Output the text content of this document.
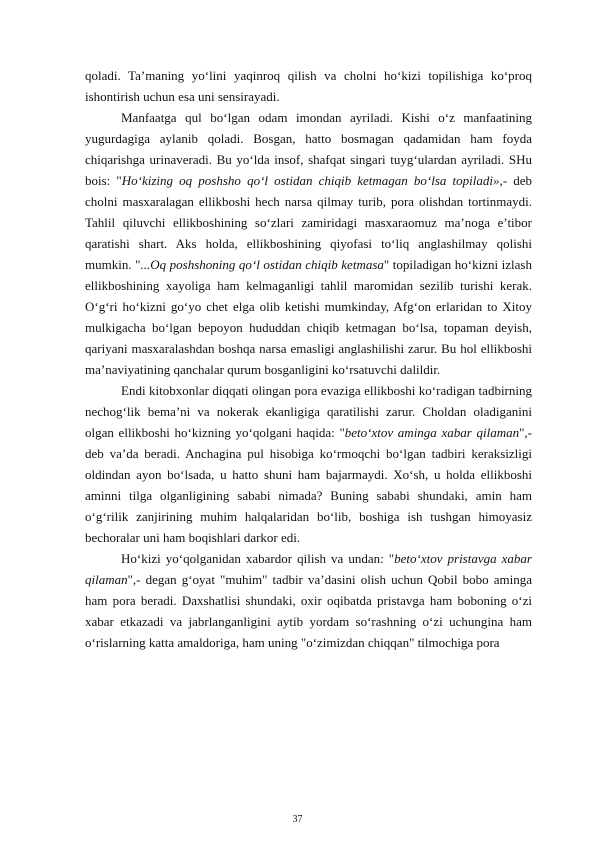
qoladi. Ta’maning yo‘lini yaqinroq qilish va cholni ho‘kizi topilishiga ko‘proq ishontirish uchun esa uni sensirayadi.

Manfaatga qul bo‘lgan odam imondan ayriladi. Kishi o‘z manfaatining yugurdagiga aylanib qoladi. Bosgan, hatto bosmagan qadamidan ham foyda chiqarishga urinaveradi. Bu yo‘lda insof, shafqat singari tuyg‘ulardan ayriladi. SHu bois: "Ho‘kizing oq poshsho qo‘l ostidan chiqib ketmagan bo‘lsa topiladi»,- deb cholni masxaralagan ellikboshi hech narsa qilmay turib, pora olishdan tortinmaydi. Tahlil qiluvchi ellikboshining so‘zlari zamiridagi masxaraomuz ma’noga e’tibor qaratishi shart. Aks holda, ellikboshining qiyofasi to‘liq anglashilmay qolishi mumkin. "...Oq poshshoning qo‘l ostidan chiqib ketmasa" topiladigan ho‘kizni izlash ellikboshining xayoliga ham kelmaganligi tahlil maromidan sezilib turishi kerak. O‘g‘ri ho‘kizni go‘yo chet elga olib ketishi mumkinday, Afg‘on erlaridan to Xitoy mulkigacha bo‘lgan bepoyon hududdan chiqib ketmagan bo‘lsa, topaman deyish, qariyani masxaralashdan boshqa narsa emasligi anglashilishi zarur. Bu hol ellikboshi ma’naviyatining qanchalar qurum bosganligini ko‘rsatuvchi dalildir.

Endi kitobxonlar diqqati olingan pora evaziga ellikboshi ko‘radigan tadbirning nechog‘lik bema’ni va nokerak ekanligiga qaratilishi zarur. Choldan oladiganini olgan ellikboshi ho‘kizning yo‘qolgani haqida: "beto‘xtov aminga xabar qilaman",- deb va’da beradi. Anchagina pul hisobiga ko‘rmoqchi bo‘lgan tadbiri keraksizligi oldindan ayon bo‘lsada, u hatto shuni ham bajarmaydi. Xo‘sh, u holda ellikboshi aminni tilga olganligining sababi nimada? Buning sababi shundaki, amin ham o‘g‘rilik zanjirining muhim halqalaridan bo‘lib, boshiga ish tushgan himoyasiz bechoralar uni ham boqishlari darkor edi.

Ho‘kizi yo‘qolganidan xabardor qilish va undan: "beto‘xtov pristavga xabar qilaman",- degan g‘oyat "muhim" tadbir va’dasini olish uchun Qobil bobo aminga ham pora beradi. Daxshatlisi shundaki, oxir oqibatda pristavga ham boboning o‘zi xabar etkazadi va jabrlanganligini aytib yordam so‘rashning o‘zi uchungina ham o‘rislarning katta amaldoriga, ham uning "o‘zimizdan chiqqan" tilmochiga pora

37
